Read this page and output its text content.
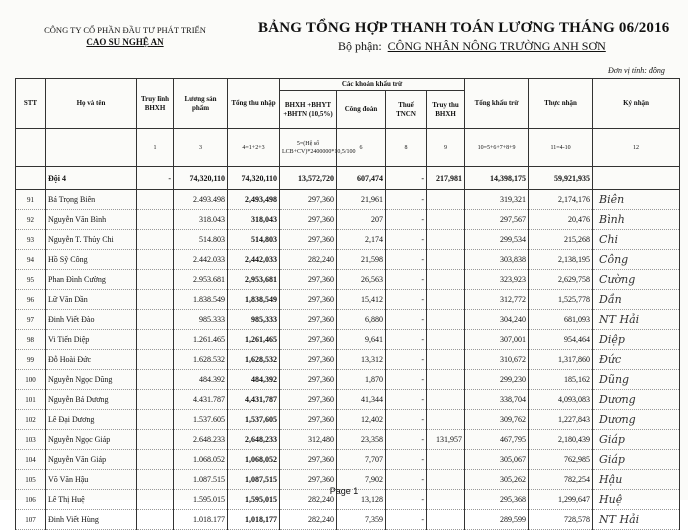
CÔNG TY CỔ PHẦN ĐẦU TƯ PHÁT TRIỂN
CAO SU NGHỆ AN
BẢNG TỔNG HỢP THANH TOÁN LƯƠNG THÁNG 06/2016
Bộ phận: CÔNG NHÂN NÔNG TRƯỜNG ANH SƠN
Đơn vị tính: đồng
STT	Họ và tên	Truy lĩnh BHXH	Lương sản phẩm	Tổng thu nhập	Các khoản khấu trừ				Tổng khấu trừ	Thực nhận	Ký nhận
					BHXH +BHYT +BHTN (10,5%)	Công đoàn	Thuế TNCN	Truy thu BHXH			
		1	3	4=1+2+3	5=(Hệ số LCB+CV)*2400000*10,5/100	6	8	9	10=5+6+7+8+9	11=4-10	12
	Đội 4	-	74,320,110	74,320,110	13,572,720	607,474	-	217,981	14,398,175	59,921,935	
91	Bá Trọng Biên		2.493.498	2,493,498	297,360	21,961	-		319,321	2,174,176	Biên
92	Nguyễn Văn Bình		318.043	318,043	297,360	207	-		297,567	20,476	Bình
93	Nguyễn T. Thủy Chi		514.803	514,803	297,360	2,174	-		299,534	215,268	Chi
94	Hồ Sỹ Công		2.442.033	2,442,033	282,240	21,598	-		303,838	2,138,195	Công
95	Phan Đình Cường		2.953.681	2,953,681	297,360	26,563	-		323,923	2,629,758	Cường
96	Lữ Văn Dần		1.838.549	1,838,549	297,360	15,412	-		312,772	1,525,778	Dần
97	Đinh Viết Đào		985.333	985,333	297,360	6,880	-		304,240	681,093	NT Hải
98	Vi Tiến Diệp		1.261.465	1,261,465	297,360	9,641	-		307,001	954,464	Diệp
99	Đỗ Hoài Đức		1.628.532	1,628,532	297,360	13,312	-		310,672	1,317,860	Đức
100	Nguyễn Ngọc Dũng		484.392	484,392	297,360	1,870	-		299,230	185,162	Dũng
101	Nguyễn Bá Dương		4.431.787	4,431,787	297,360	41,344	-		338,704	4,093,083	Dương
102	Lê Đại Dương		1.537.605	1,537,605	297,360	12,402	-		309,762	1,227,843	Dương
103	Nguyễn Ngọc Giáp		2.648.233	2,648,233	312,480	23,358	-	131,957	467,795	2,180,439	Giáp
104	Nguyễn Văn Giáp		1.068.052	1,068,052	297,360	7,707	-		305,067	762,985	Giáp
105	Võ Văn Hậu		1.087.515	1,087,515	297,360	7,902	-		305,262	782,254	Hậu
106	Lê Thị Huệ		1.595.015	1,595,015	282,240	13,128	-		295,368	1,299,647	Huệ
107	Đinh Viết Hùng		1.018.177	1,018,177	282,240	7,359	-		289,599	728,578	NT Hải
Page 1
